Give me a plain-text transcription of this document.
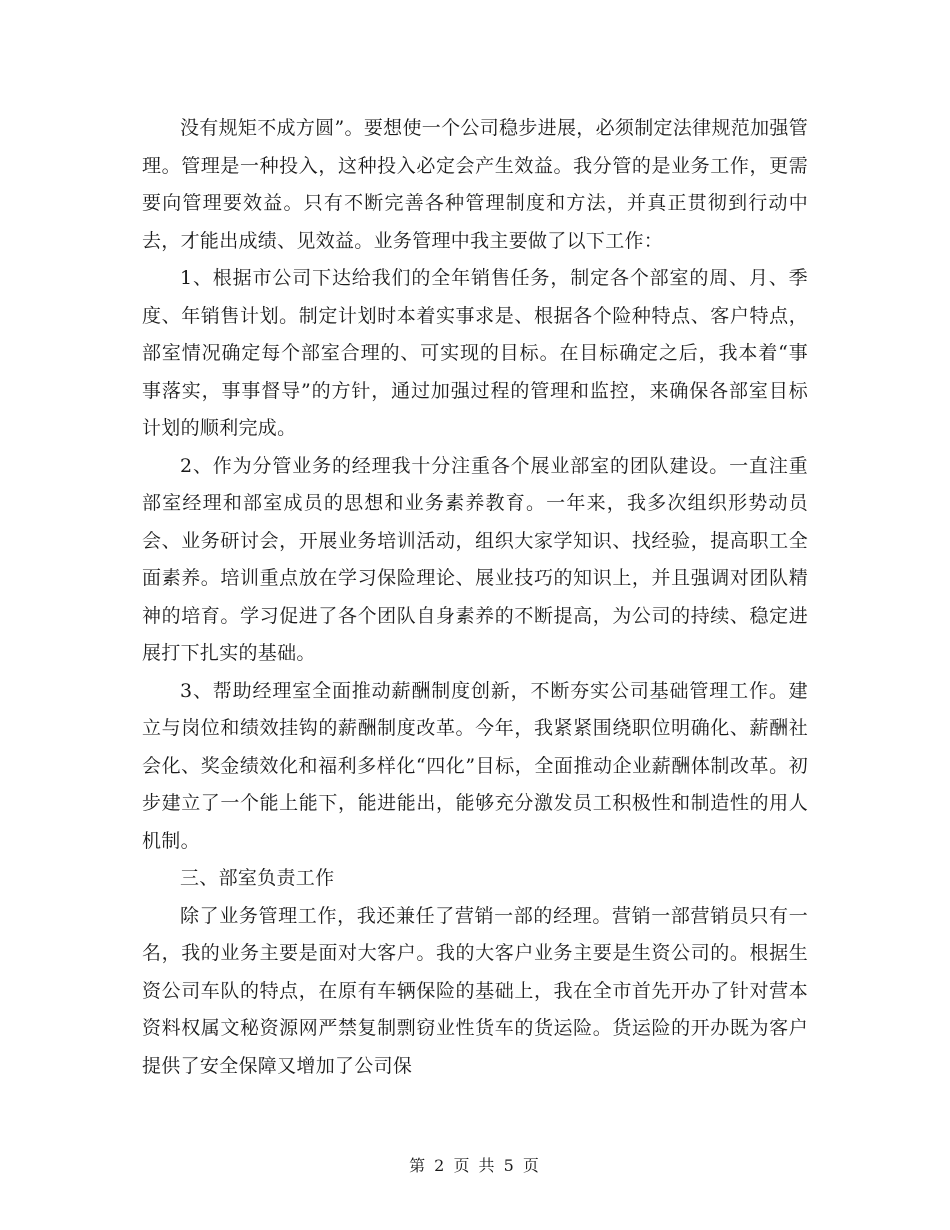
没有规矩不成方圆”。要想使一个公司稳步进展，必须制定法律规范加强管理。管理是一种投入，这种投入必定会产生效益。我分管的是业务工作，更需要向管理要效益。只有不断完善各种管理制度和方法，并真正贯彻到行动中去，才能出成绩、见效益。业务管理中我主要做了以下工作：

1、根据市公司下达给我们的全年销售任务，制定各个部室的周、月、季度、年销售计划。制定计划时本着实事求是、根据各个险种特点、客户特点，部室情况确定每个部室合理的、可实现的目标。在目标确定之后，我本着“事事落实，事事督导”的方针，通过加强过程的管理和监控，来确保各部室目标计划的顺利完成。

2、作为分管业务的经理我十分注重各个展业部室的团队建设。一直注重部室经理和部室成员的思想和业务素养教育。一年来，我多次组织形势动员会、业务研讨会，开展业务培训活动，组织大家学知识、找经验，提高职工全面素养。培训重点放在学习保险理论、展业技巧的知识上，并且强调对团队精神的培育。学习促进了各个团队自身素养的不断提高，为公司的持续、稳定进展打下扎实的基础。

3、帮助经理室全面推动薪酬制度创新，不断夯实公司基础管理工作。建立与岗位和绩效挂钩的薪酬制度改革。今年，我紧紧围绕职位明确化、薪酬社会化、奖金绩效化和福利多样化“四化”目标，全面推动企业薪酬体制改革。初步建立了一个能上能下，能进能出，能够充分激发员工积极性和制造性的用人机制。

三、部室负责工作

除了业务管理工作，我还兼任了营销一部的经理。营销一部营销员只有一名，我的业务主要是面对大客户。我的大客户业务主要是生资公司的。根据生资公司车队的特点，在原有车辆保险的基础上，我在全市首先开办了针对营本资料权属文秘资源网严禁复制剽窃业性货车的货运险。货运险的开办既为客户提供了安全保障又增加了公司保

第 2 页 共 5 页
